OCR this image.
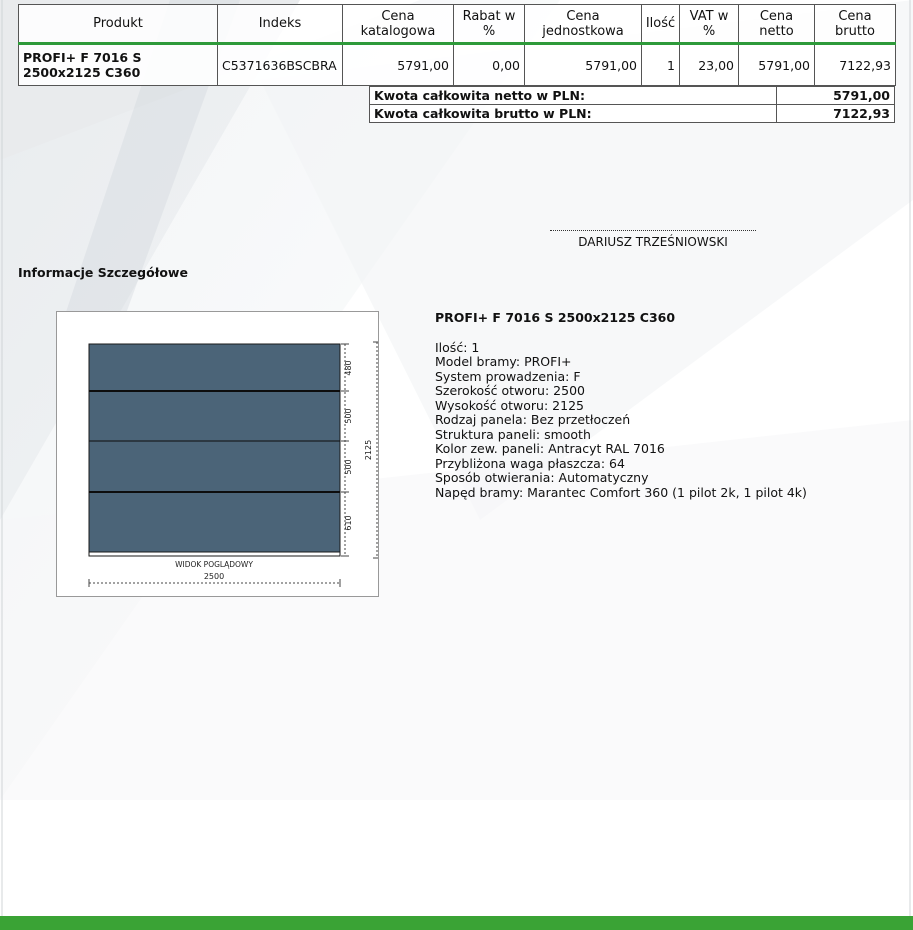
Produkt	Indeks	Cena katalogowa	Rabat w %	Cena jednostkowa	Ilość	VAT w %	Cena netto	Cena brutto
PROFI+ F 7016 S 2500x2125 C360	C5371636BSCBRA	5791,00	0,00	5791,00	1	23,00	5791,00	7122,93
Kwota całkowita netto w PLN:	5791,00
Kwota całkowita brutto w PLN:	7122,93
DARIUSZ TRZEŚNIOWSKI
Informacje Szczegółowe
480
500
500
610
2125
WIDOK POGLĄDOWY
2500
PROFI+ F 7016 S 2500x2125 C360
Ilość: 1
Model bramy: PROFI+
System prowadzenia: F
Szerokość otworu: 2500
Wysokość otworu: 2125
Rodzaj panela: Bez przetłoczeń
Struktura paneli: smooth
Kolor zew. paneli: Antracyt RAL 7016
Przybliżona waga płaszcza: 64
Sposób otwierania: Automatyczny
Napęd bramy: Marantec Comfort 360 (1 pilot 2k, 1 pilot 4k)
